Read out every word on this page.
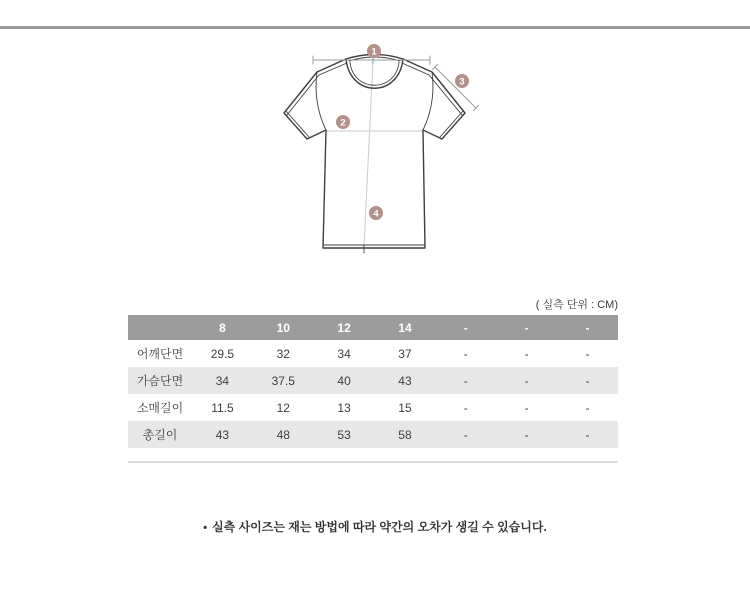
1
2
3
4
( 실측 단위 : CM)
	8	10	12	14	-	-	-
어깨단면	29.5	32	34	37	-	-	-
가슴단면	34	37.5	40	43	-	-	-
소매길이	11.5	12	13	15	-	-	-
총길이	43	48	53	58	-	-	-
• 실측 사이즈는 재는 방법에 따라 약간의 오차가 생길 수 있습니다.
